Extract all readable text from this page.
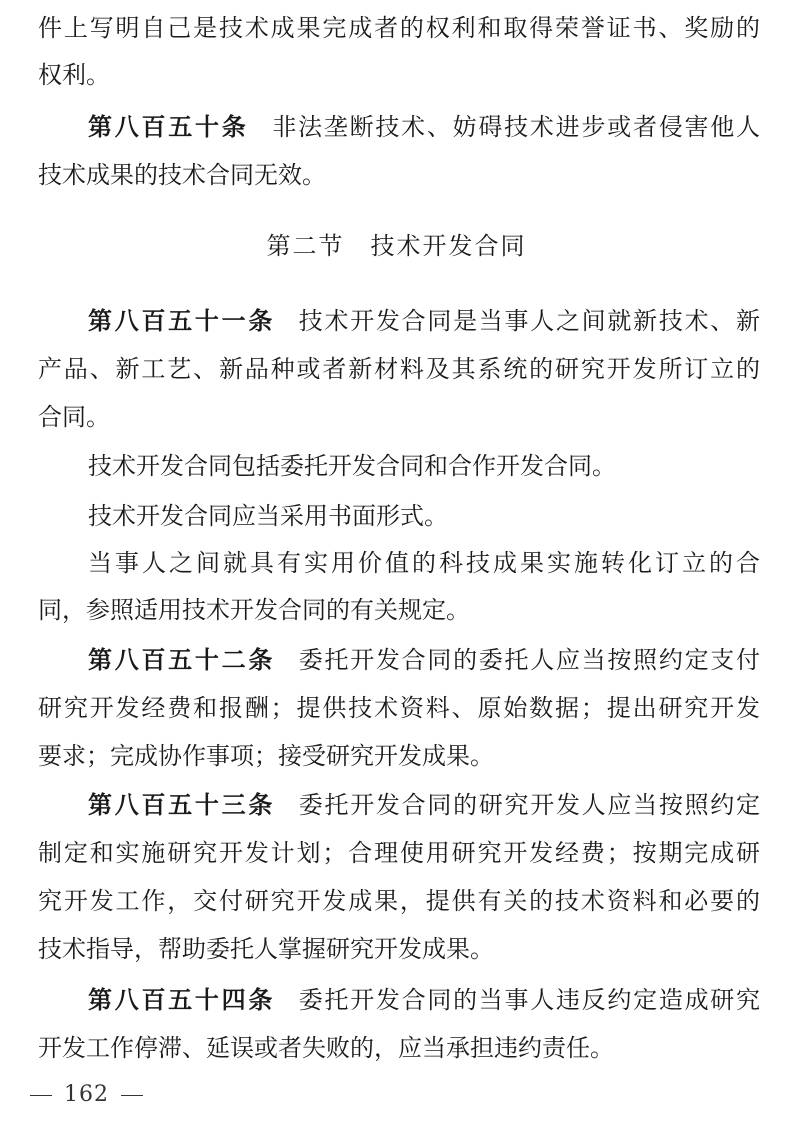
件上写明自己是技术成果完成者的权利和取得荣誉证书、奖励的
权利。
第八百五十条 非法垄断技术、妨碍技术进步或者侵害他人
技术成果的技术合同无效。
第二节 技术开发合同
第八百五十一条 技术开发合同是当事人之间就新技术、新
产品、新工艺、新品种或者新材料及其系统的研究开发所订立的
合同。
技术开发合同包括委托开发合同和合作开发合同。
技术开发合同应当采用书面形式。
当事人之间就具有实用价值的科技成果实施转化订立的合
同，参照适用技术开发合同的有关规定。
第八百五十二条 委托开发合同的委托人应当按照约定支付
研究开发经费和报酬；提供技术资料、原始数据；提出研究开发
要求；完成协作事项；接受研究开发成果。
第八百五十三条 委托开发合同的研究开发人应当按照约定
制定和实施研究开发计划；合理使用研究开发经费；按期完成研
究开发工作，交付研究开发成果，提供有关的技术资料和必要的
技术指导，帮助委托人掌握研究开发成果。
第八百五十四条 委托开发合同的当事人违反约定造成研究
开发工作停滞、延误或者失败的，应当承担违约责任。
162
